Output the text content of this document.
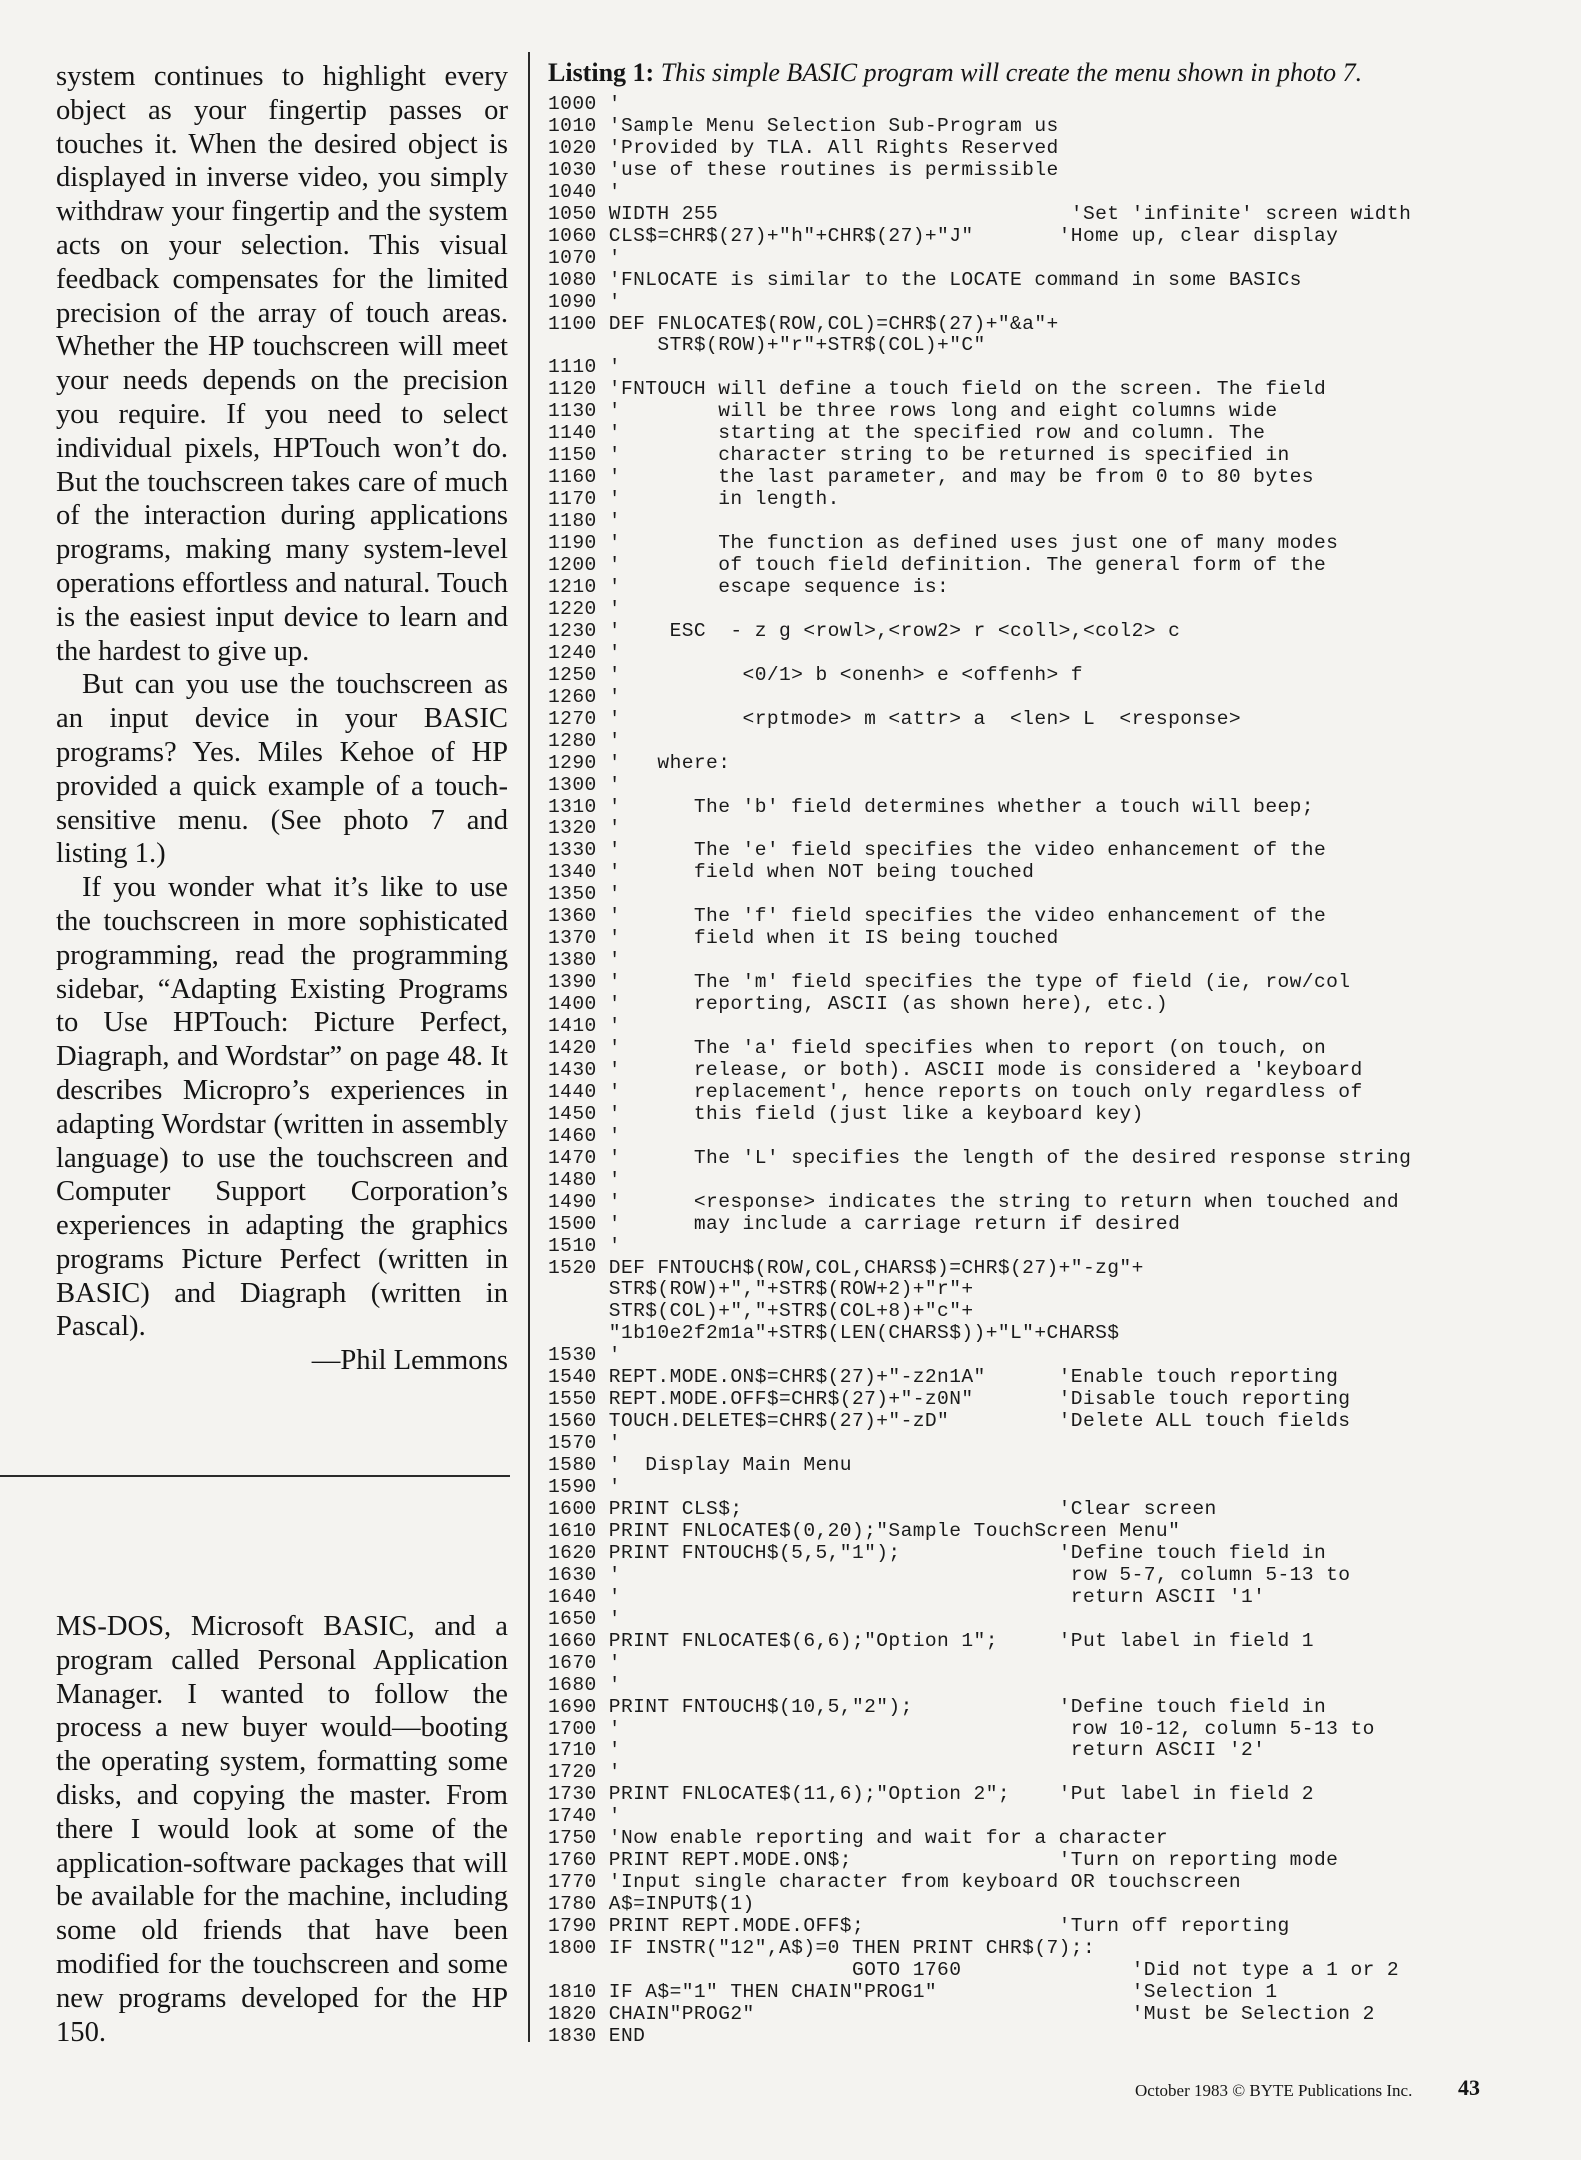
system continues to highlight every object as your fingertip passes or touches it. When the desired object is displayed in inverse video, you simply withdraw your fingertip and the system acts on your selection. This visual feedback compensates for the limited precision of the array of touch areas. Whether the HP touchscreen will meet your needs depends on the precision you require. If you need to select individual pixels, HPTouch won’t do. But the touchscreen takes care of much of the interaction during applications programs, making many system-level operations effortless and natural. Touch is the easiest input device to learn and the hardest to give up.

But can you use the touchscreen as an input device in your BASIC programs? Yes. Miles Kehoe of HP provided a quick example of a touch-sensitive menu. (See photo 7 and listing 1.)

If you wonder what it’s like to use the touchscreen in more sophisticated programming, read the programming sidebar, “Adapting Existing Programs to Use HPTouch: Picture Perfect, Diagraph, and Wordstar” on page 48. It describes Micropro’s experiences in adapting Wordstar (written in assembly language) to use the touchscreen and Computer Support Corporation’s experiences in adapting the graphics programs Picture Perfect (written in BASIC) and Diagraph (written in Pascal).

—Phil Lemmons

MS-DOS, Microsoft BASIC, and a program called Personal Application Manager. I wanted to follow the process a new buyer would—booting the operating system, formatting some disks, and copying the master. From there I would look at some of the application-software packages that will be available for the machine, including some old friends that have been modified for the touchscreen and some new programs developed for the HP 150.

Listing 1: This simple BASIC program will create the menu shown in photo 7.
1000 '
1010 'Sample Menu Selection Sub-Program us
1020 'Provided by TLA. All Rights Reserved
1030 'use of these routines is permissible
1040 '
1050 WIDTH 255                             'Set 'infinite' screen width
1060 CLS$=CHR$(27)+"h"+CHR$(27)+"J"       'Home up, clear display
1070 '
1080 'FNLOCATE is similar to the LOCATE command in some BASICs
1090 '
1100 DEF FNLOCATE$(ROW,COL)=CHR$(27)+"&a"+
STR$(ROW)+"r"+STR$(COL)+"C"
1110 '
1120 'FNTOUCH will define a touch field on the screen. The field
1130 '        will be three rows long and eight columns wide
1140 '        starting at the specified row and column. The
1150 '        character string to be returned is specified in
1160 '        the last parameter, and may be from 0 to 80 bytes
1170 '        in length.
1180 '
1190 '        The function as defined uses just one of many modes
1200 '        of touch field definition. The general form of the
1210 '        escape sequence is:
1220 '
1230 '    ESC  - z g <rowl>,<row2> r <coll>,<col2> c
1240 '
1250 '          <0/1> b <onenh> e <offenh> f
1260 '
1270 '          <rptmode> m <attr> a  <len> L  <response>
1280 '
1290 '   where:
1300 '
1310 '      The 'b' field determines whether a touch will beep;
1320 '
1330 '      The 'e' field specifies the video enhancement of the
1340 '      field when NOT being touched
1350 '
1360 '      The 'f' field specifies the video enhancement of the
1370 '      field when it IS being touched
1380 '
1390 '      The 'm' field specifies the type of field (ie, row/col
1400 '      reporting, ASCII (as shown here), etc.)
1410 '
1420 '      The 'a' field specifies when to report (on touch, on
1430 '      release, or both). ASCII mode is considered a 'keyboard
1440 '      replacement', hence reports on touch only regardless of
1450 '      this field (just like a keyboard key)
1460 '
1470 '      The 'L' specifies the length of the desired response string
1480 '
1490 '      <response> indicates the string to return when touched and
1500 '      may include a carriage return if desired
1510 '
1520 DEF FNTOUCH$(ROW,COL,CHARS$)=CHR$(27)+"-zg"+
STR$(ROW)+","+STR$(ROW+2)+"r"+
STR$(COL)+","+STR$(COL+8)+"c"+
"1b10e2f2m1a"+STR$(LEN(CHARS$))+"L"+CHARS$
1530 '
1540 REPT.MODE.ON$=CHR$(27)+"-z2n1A"      'Enable touch reporting
1550 REPT.MODE.OFF$=CHR$(27)+"-z0N"       'Disable touch reporting
1560 TOUCH.DELETE$=CHR$(27)+"-zD"         'Delete ALL touch fields
1570 '
1580 '  Display Main Menu
1590 '
1600 PRINT CLS$;                          'Clear screen
1610 PRINT FNLOCATE$(0,20);"Sample TouchScreen Menu"
1620 PRINT FNTOUCH$(5,5,"1");             'Define touch field in
1630 '                                     row 5-7, column 5-13 to
1640 '                                     return ASCII '1'
1650 '
1660 PRINT FNLOCATE$(6,6);"Option 1";     'Put label in field 1
1670 '
1680 '
1690 PRINT FNTOUCH$(10,5,"2");            'Define touch field in
1700 '                                     row 10-12, column 5-13 to
1710 '                                     return ASCII '2'
1720 '
1730 PRINT FNLOCATE$(11,6);"Option 2";    'Put label in field 2
1740 '
1750 'Now enable reporting and wait for a character
1760 PRINT REPT.MODE.ON$;                 'Turn on reporting mode
1770 'Input single character from keyboard OR touchscreen
1780 A$=INPUT$(1)
1790 PRINT REPT.MODE.OFF$;                'Turn off reporting
1800 IF INSTR("12",A$)=0 THEN PRINT CHR$(7);:
GOTO 1760              'Did not type a 1 or 2
1810 IF A$="1" THEN CHAIN"PROG1"                'Selection 1
1820 CHAIN"PROG2"                               'Must be Selection 2
1830 END
October 1983 © BYTE Publications Inc.	43
